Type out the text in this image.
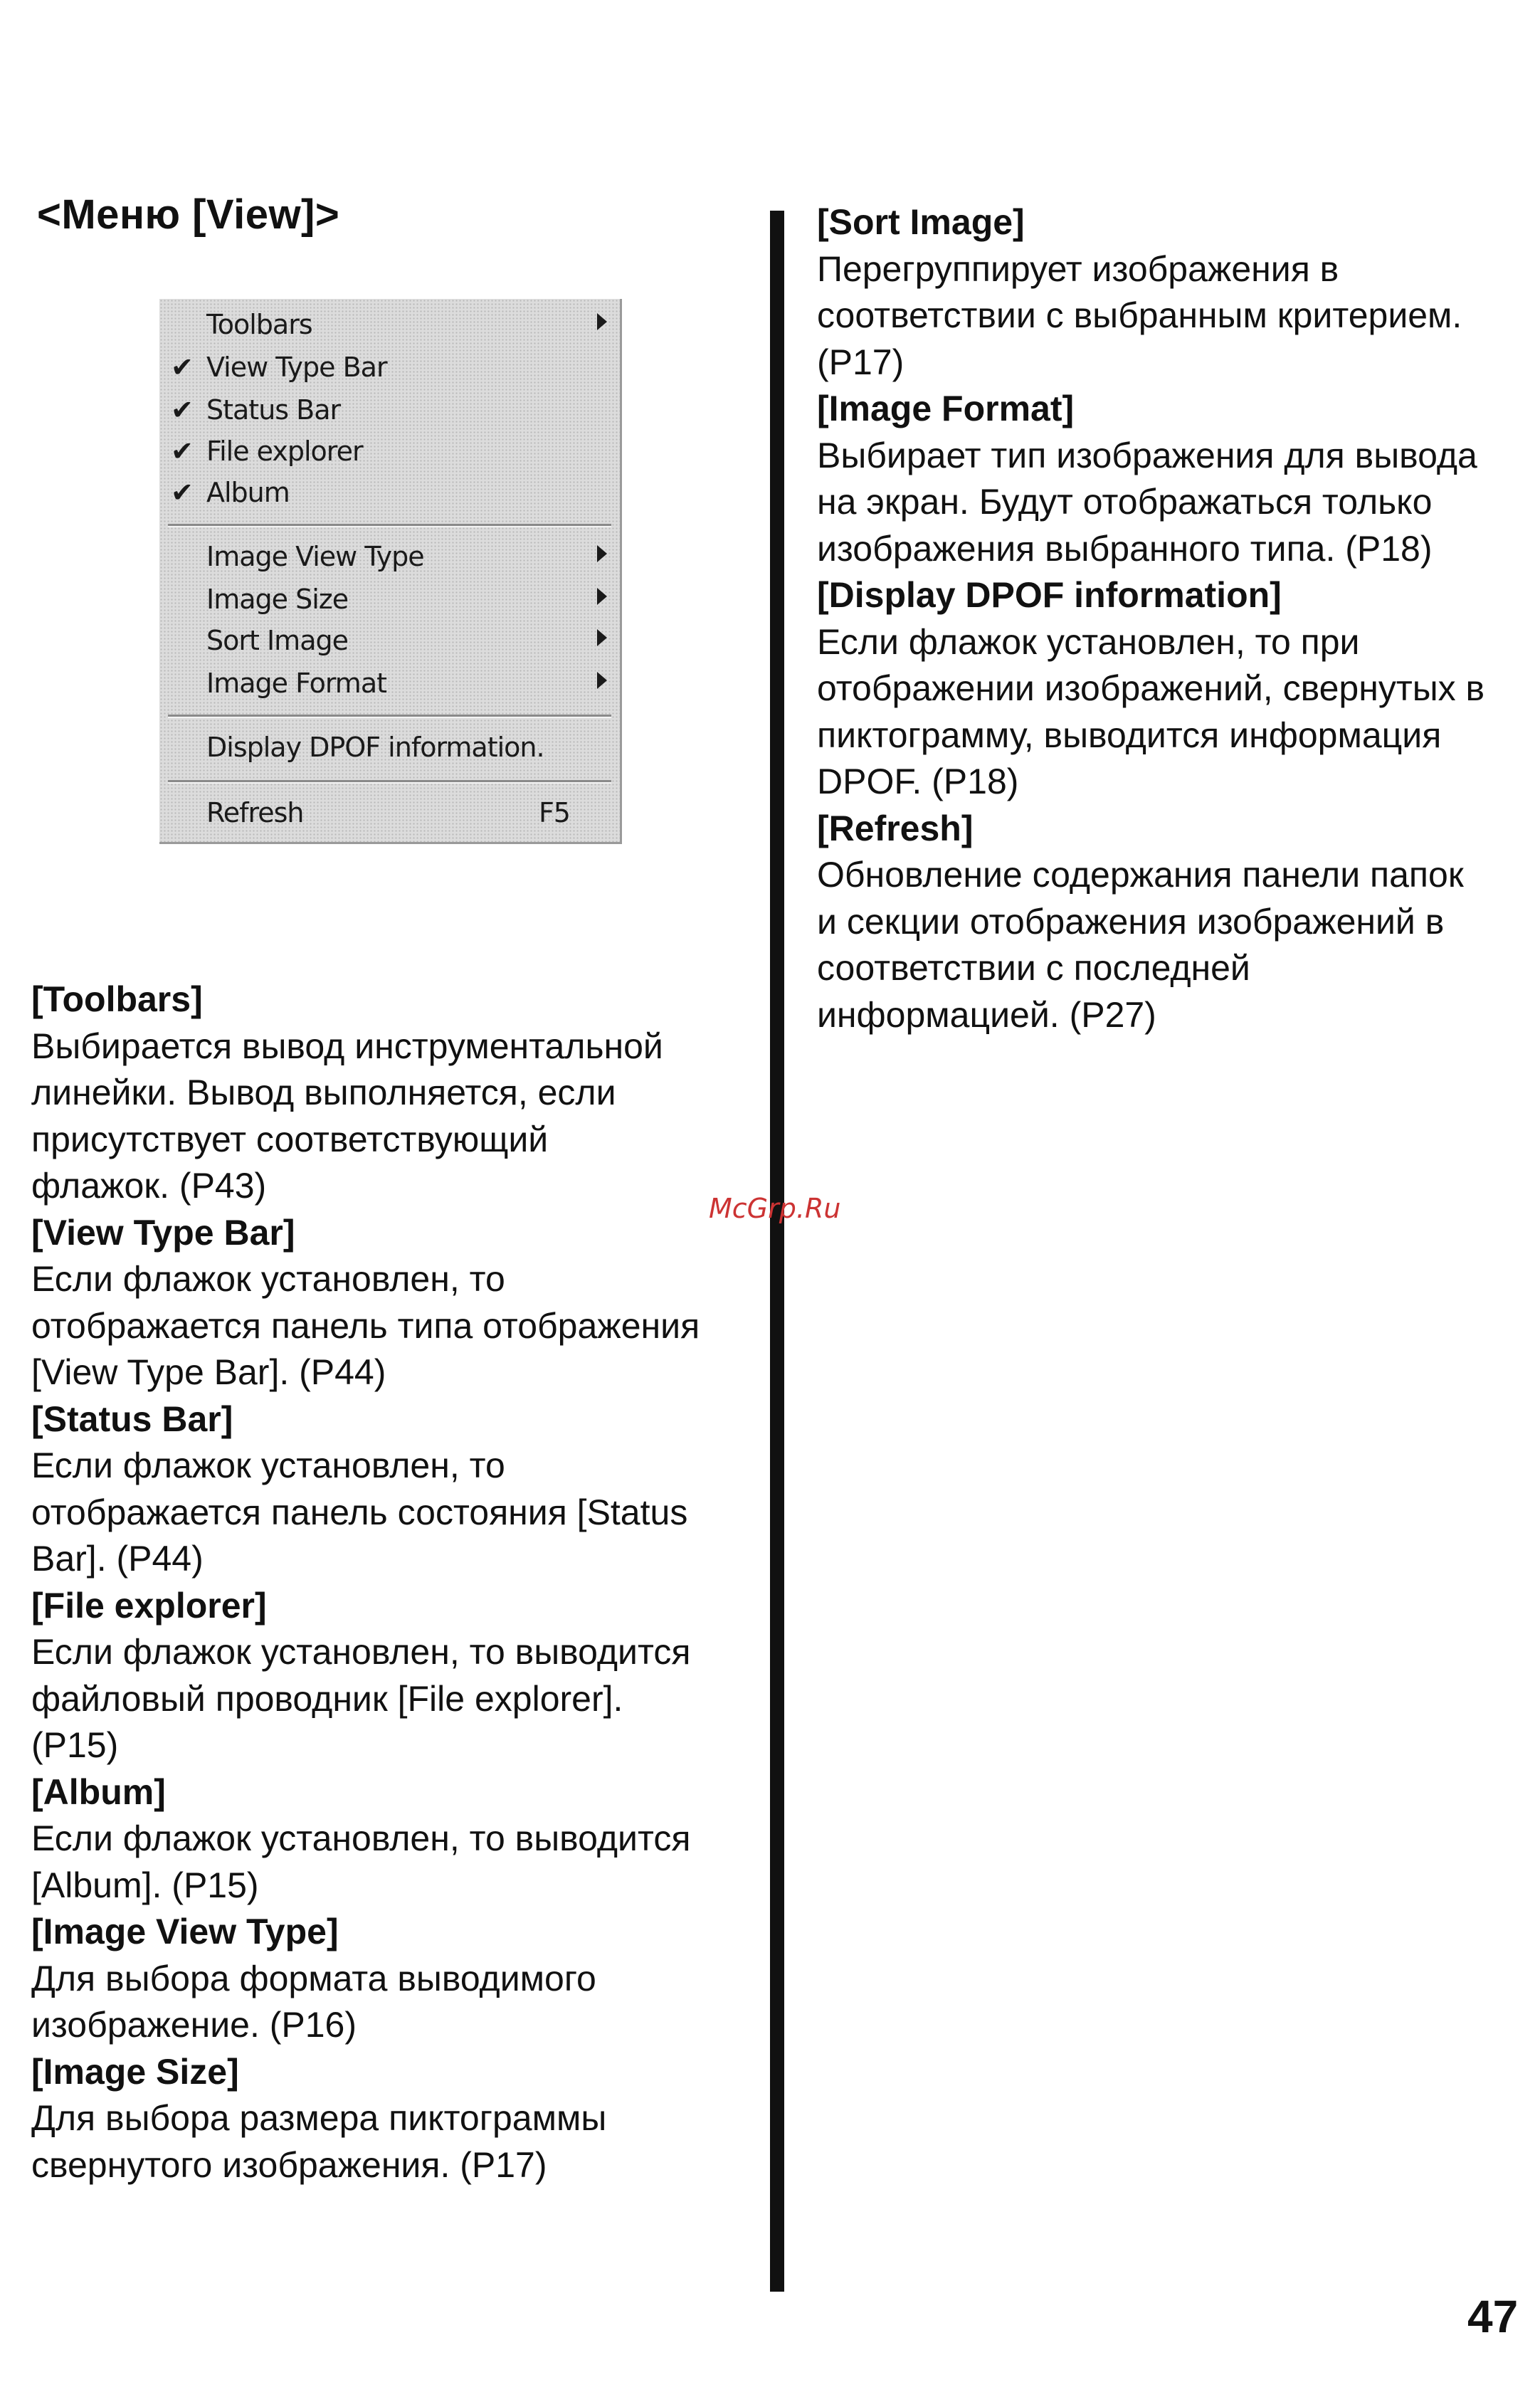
<Меню [View]>
Toolbars
✔ View Type Bar
✔ Status Bar
✔ File explorer
✔ Album
Image View Type
Image Size
Sort Image
Image Format
Display DPOF information.
Refresh	F5
[Toolbars]
Выбирается вывод инструментальной
линейки. Вывод выполняется, если
присутствует соответствующий
флажок. (P43)
[View Type Bar]
Если флажок установлен, то
отображается панель типа отображения
[View Type Bar]. (P44)
[Status Bar]
Если флажок установлен, то
отображается панель состояния [Status
Bar]. (P44)
[File explorer]
Если флажок установлен, то выводится
файловый проводник [File explorer].
(P15)
[Album]
Если флажок установлен, то выводится
[Album]. (P15)
[Image View Type]
Для выбора формата выводимого
изображение. (P16)
[Image Size]
Для выбора размера пиктограммы
свернутого изображения. (P17)
[Sort Image]
Перегруппирует изображения в
соответствии с выбранным критерием.
(P17)
[Image Format]
Выбирает тип изображения для вывода
на экран. Будут отображаться только
изображения выбранного типа. (P18)
[Display DPOF information]
Если флажок установлен, то при
отображении изображений, свернутых в
пиктограмму, выводится информация
DPOF. (P18)
[Refresh]
Обновление содержания панели папок
и секции отображения изображений в
соответствии с последней
информацией. (P27)
McGrp.Ru
47
